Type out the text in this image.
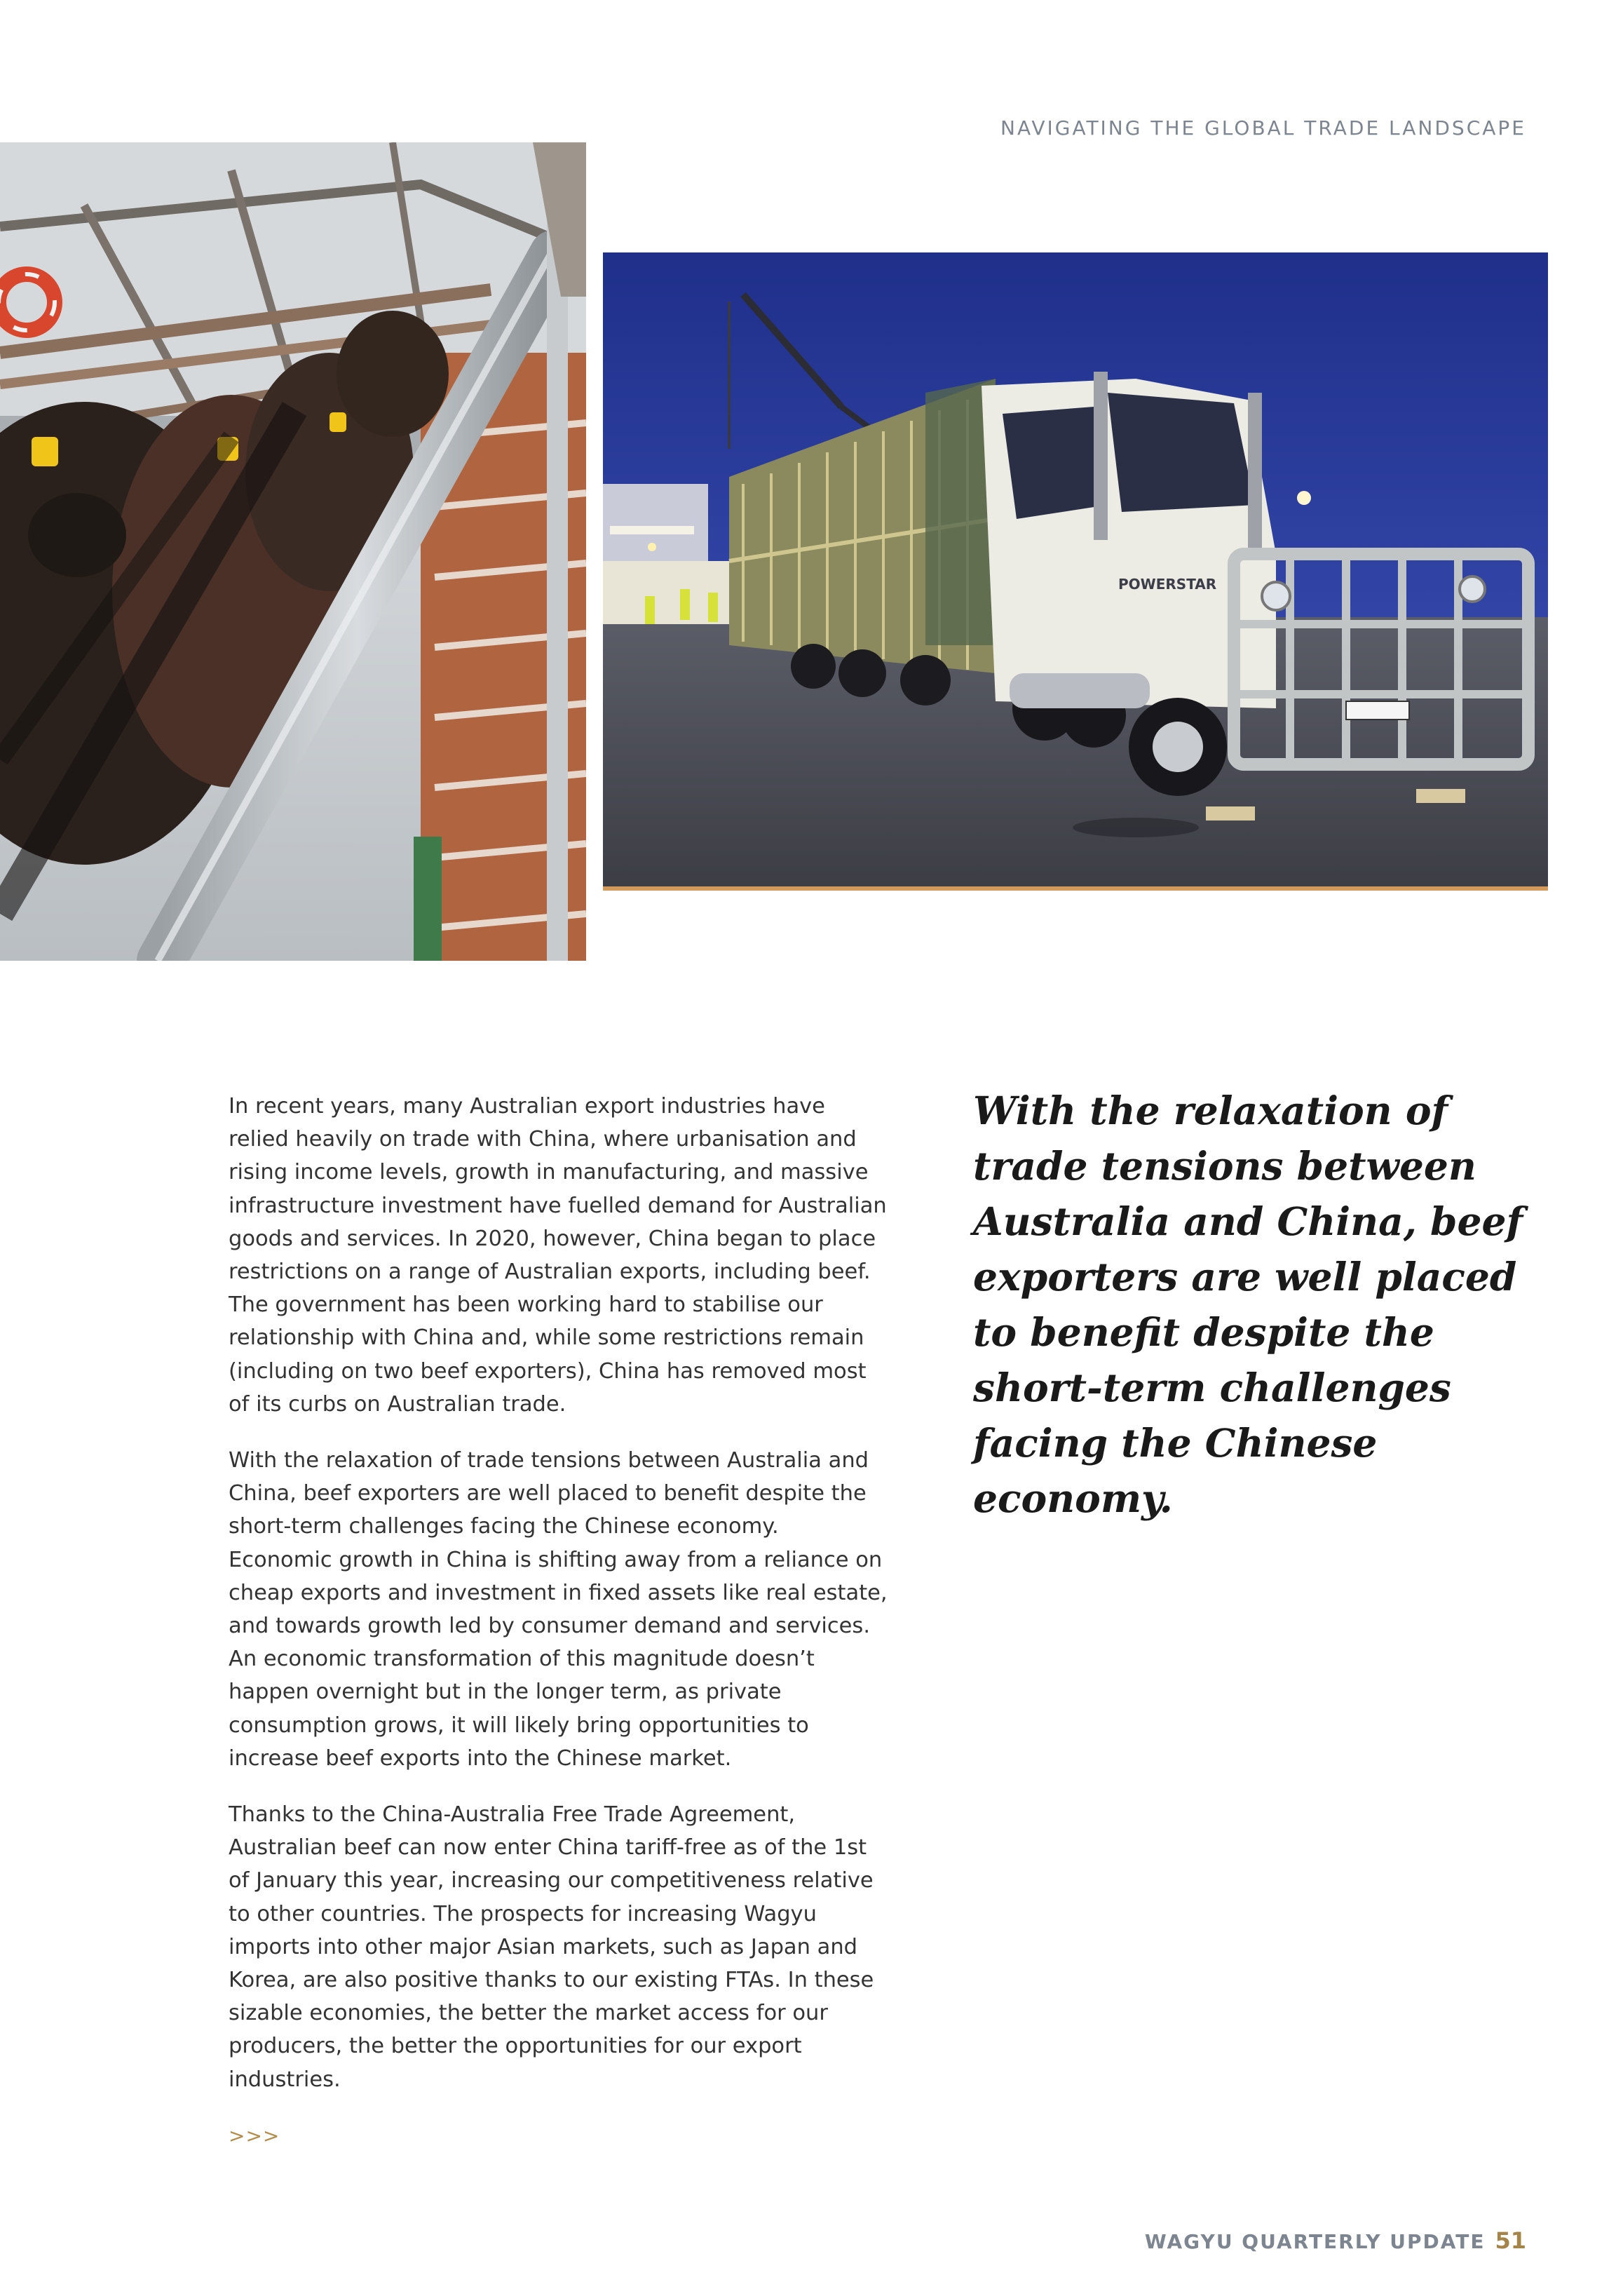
NAVIGATING THE GLOBAL TRADE LANDSCAPE
POWERSTAR

In recent years, many Australian export industries have relied heavily on trade with China, where urbanisation and rising income levels, growth in manufacturing, and massive infrastructure investment have fuelled demand for Australian goods and services. In 2020, however, China began to place restrictions on a range of Australian exports, including beef. The government has been working hard to stabilise our relationship with China and, while some restrictions remain (including on two beef exporters), China has removed most of its curbs on Australian trade.

With the relaxation of trade tensions between Australia and China, beef exporters are well placed to benefit despite the short-term challenges facing the Chinese economy. Economic growth in China is shifting away from a reliance on cheap exports and investment in fixed assets like real estate, and towards growth led by consumer demand and services. An economic transformation of this magnitude doesn’t happen overnight but in the longer term, as private consumption grows, it will likely bring opportunities to increase beef exports into the Chinese market.

Thanks to the China-Australia Free Trade Agreement, Australian beef can now enter China tariff-free as of the 1st of January this year, increasing our competitiveness relative to other countries. The prospects for increasing Wagyu imports into other major Asian markets, such as Japan and Korea, are also positive thanks to our existing FTAs. In these sizable economies, the better the market access for our producers, the better the opportunities for our export industries.

>>>
With the relaxation of trade tensions between Australia and China, beef exporters are well placed to benefit despite the short-term challenges facing the Chinese economy.
WAGYU QUARTERLY UPDATE 51
